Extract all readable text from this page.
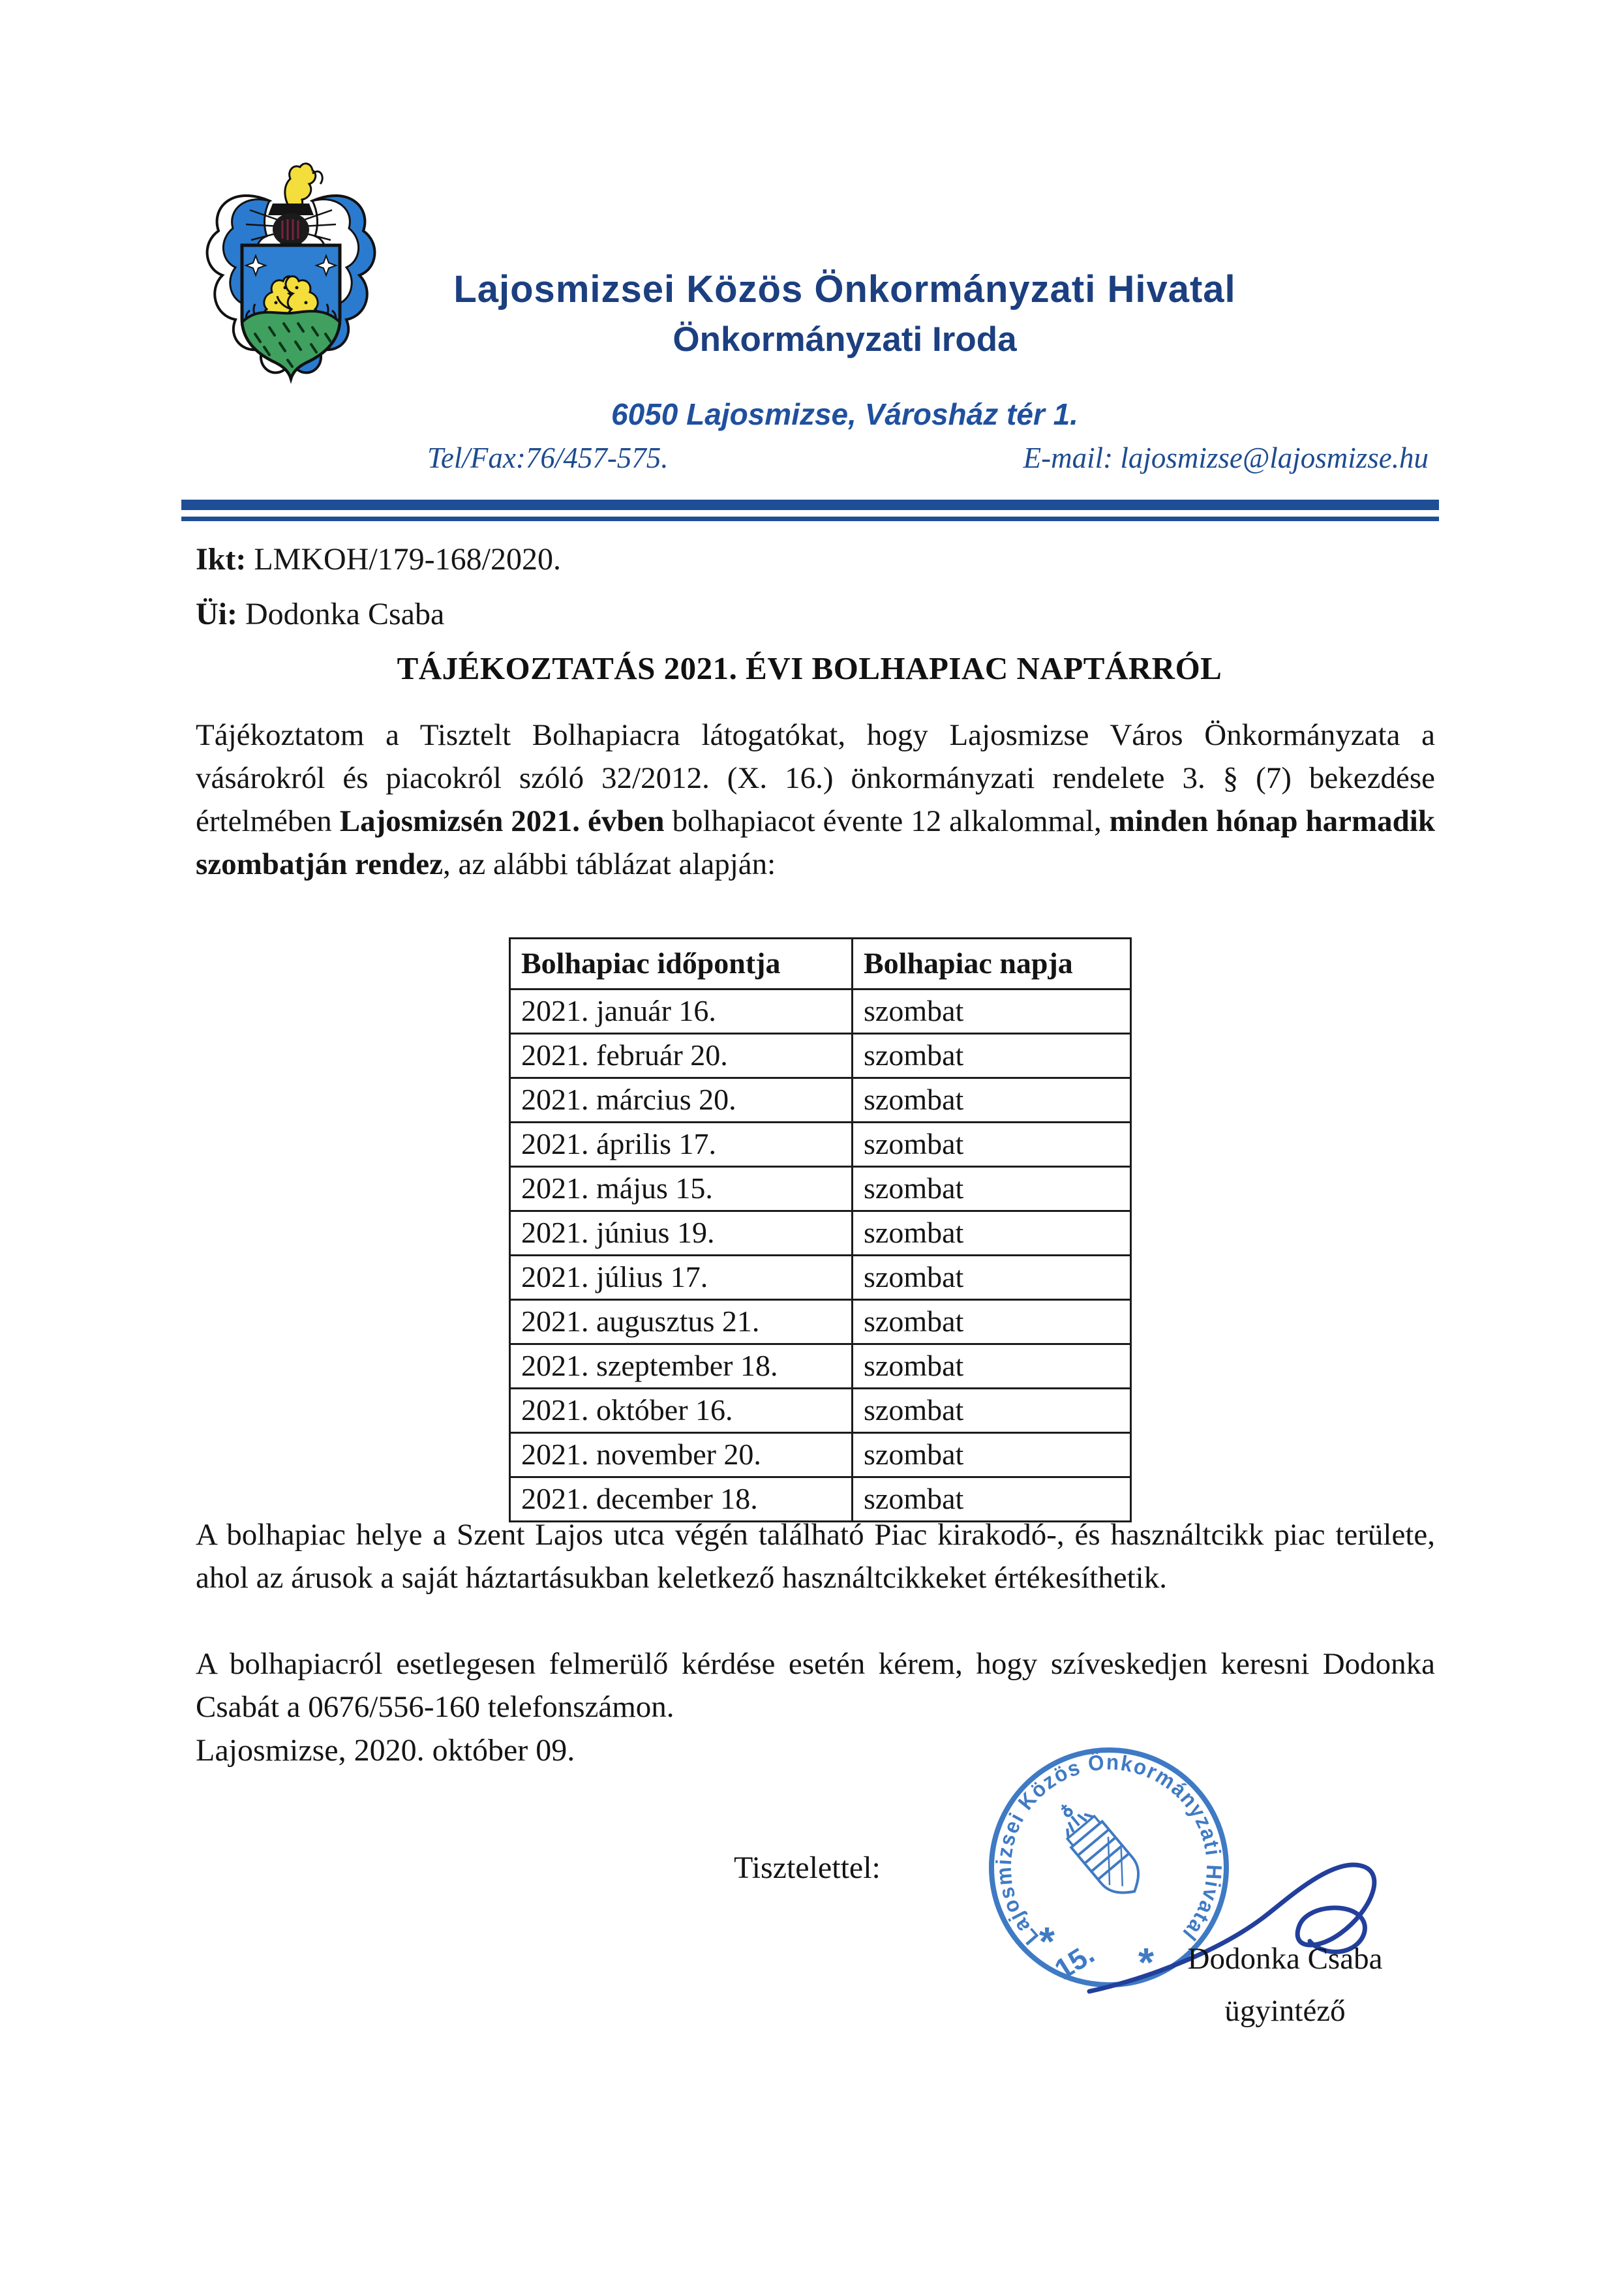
Lajosmizsei Közös Önkormányzati Hivatal
Önkormányzati Iroda
6050 Lajosmizse, Városház tér 1.
Tel/Fax:76/457-575.	E-mail: lajosmizse@lajosmizse.hu
Ikt: LMKOH/179-168/2020.
Üi: Dodonka Csaba
TÁJÉKOZTATÁS 2021. ÉVI BOLHAPIAC NAPTÁRRÓL
Tájékoztatom a Tisztelt Bolhapiacra látogatókat, hogy Lajosmizse Város Önkormányzata a vásárokról és piacokról szóló 32/2012. (X. 16.) önkormányzati rendelete 3. § (7) bekezdése értelmében Lajosmizsén 2021. évben bolhapiacot évente 12 alkalommal, minden hónap harmadik szombatján rendez, az alábbi táblázat alapján:
Bolhapiac időpontja	Bolhapiac napja
2021. január 16.	szombat
2021. február 20.	szombat
2021. március 20.	szombat
2021. április 17.	szombat
2021. május 15.	szombat
2021. június 19.	szombat
2021. július 17.	szombat
2021. augusztus 21.	szombat
2021. szeptember 18.	szombat
2021. október 16.	szombat
2021. november 20.	szombat
2021. december 18.	szombat
A bolhapiac helye a Szent Lajos utca végén található Piac kirakodó-, és használtcikk piac területe, ahol az árusok a saját háztartásukban keletkező használtcikkeket értékesíthetik.
A bolhapiacról esetlegesen felmerülő kérdése esetén kérem, hogy szíveskedjen keresni Dodonka Csabát a 0676/556-160 telefonszámon.
Lajosmizse, 2020. október 09.
Tisztelettel:
Lajosmizsei Közös Önkormányzati Hivatal
*
15. *	Dodonka Csaba
ügyintéző
